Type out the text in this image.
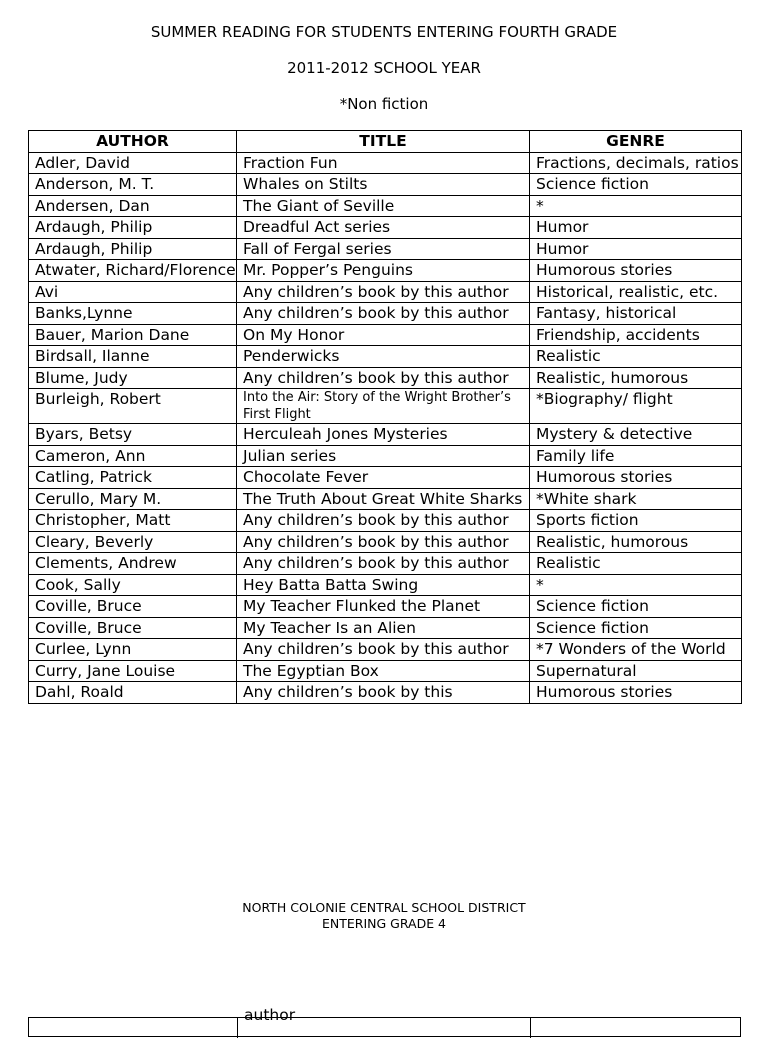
SUMMER READING FOR STUDENTS ENTERING FOURTH GRADE
2011-2012 SCHOOL YEAR
*Non fiction
AUTHOR	TITLE	GENRE
Adler, David	Fraction Fun	Fractions, decimals, ratios
Anderson, M. T.	Whales on Stilts	Science fiction
Andersen, Dan	The Giant of Seville	*
Ardaugh, Philip	Dreadful Act series	Humor
Ardaugh, Philip	Fall of Fergal series	Humor
Atwater, Richard/Florence	Mr. Popper’s Penguins	Humorous stories
Avi	Any children’s book by this author	Historical, realistic, etc.
Banks,Lynne	Any children’s book by this author	Fantasy, historical
Bauer, Marion Dane	On My Honor	Friendship, accidents
Birdsall, Ilanne	Penderwicks	Realistic
Blume, Judy	Any children’s book by this author	Realistic, humorous
Burleigh, Robert	Into the Air: Story of the Wright Brother’s First Flight	*Biography/ flight
Byars, Betsy	Herculeah Jones Mysteries	Mystery & detective
Cameron, Ann	Julian series	Family life
Catling, Patrick	Chocolate Fever	Humorous stories
Cerullo, Mary M.	The Truth About Great White Sharks	*White shark
Christopher, Matt	Any children’s book by this author	Sports fiction
Cleary, Beverly	Any children’s book by this author	Realistic, humorous
Clements, Andrew	Any children’s book by this author	Realistic
Cook, Sally	Hey Batta Batta Swing	*
Coville, Bruce	My Teacher Flunked the Planet	Science fiction
Coville, Bruce	My Teacher Is an Alien	Science fiction
Curlee, Lynn	Any children’s book by this author	*7 Wonders of the World
Curry, Jane Louise	The Egyptian Box	Supernatural
Dahl, Roald	Any children’s book by this	Humorous stories
NORTH COLONIE CENTRAL SCHOOL DISTRICT
ENTERING GRADE 4
author
